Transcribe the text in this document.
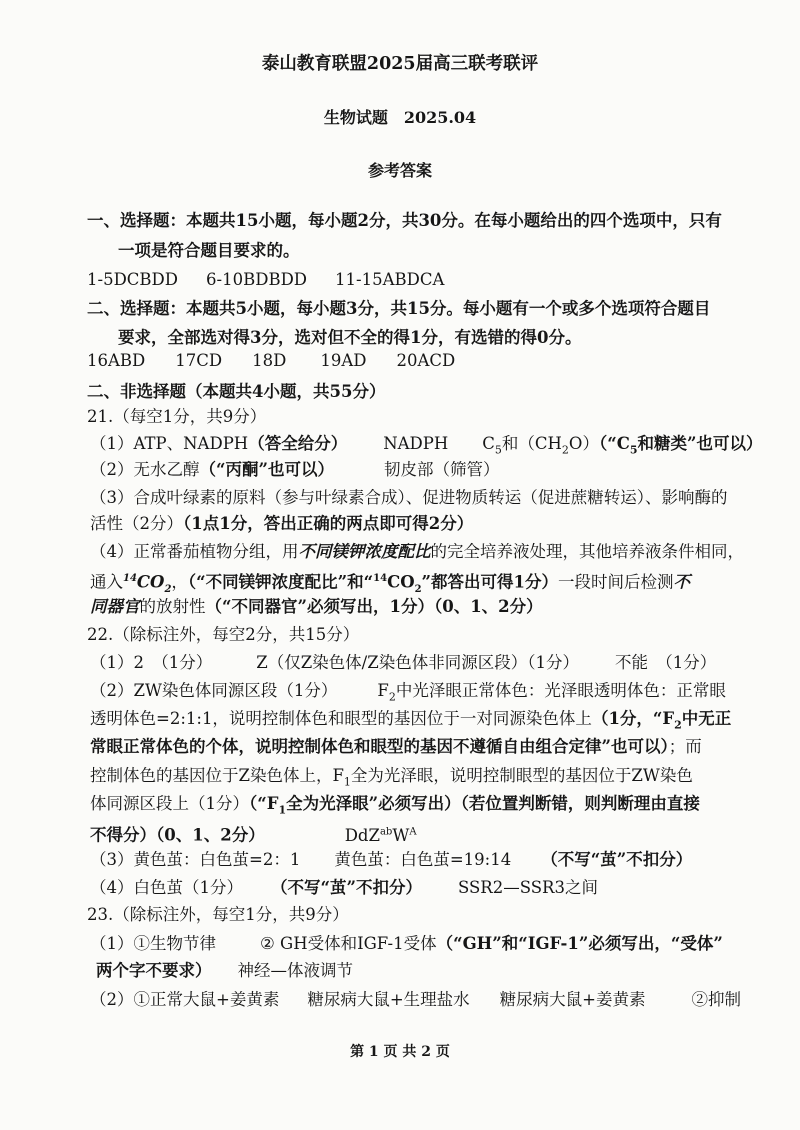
泰山教育联盟2025届高三联考联评
生物试题　2025.04
参考答案
一、选择题：本题共15小题，每小题2分，共30分。在每小题给出的四个选项中，只有
一项是符合题目要求的。
1-5DCBDD 6-10BDBDD 11-15ABDCA
二、选择题：本题共5小题，每小题3分，共15分。每小题有一个或多个选项符合题目
要求，全部选对得3分，选对但不全的得1分，有选错的得0分。
16ABD 17CD 18D 19AD 20ACD
二、非选择题（本题共4小题，共55分）
21.（每空1分，共9分）
（1）ATP、NADPH（答全给分） NADPH $C_5$和$(CH_2O)(“C_5$和糖类”也可以）
（2）无水乙醇（“丙酮”也可以）	韧皮部（筛管）
（3）合成叶绿素的原料（参与叶绿素合成）、促进物质转运（促进蔗糖转运）、影响酶的
活性（2分）（1点1分，答出正确的两点即可得2分）
（4）正常番茄植物分组，用不同镁钾浓度配比的完全培养液处理，其他培养液条件相同，
通入$^{14}CO_2$，（“不同镁钾浓度配比”和“$^{14}CO_2$”都答出可得1分）一段时间后检测不
同器官的放射性（“不同器官”必须写出，1分）（0、1、2分）
22.（除标注外，每空2分，共15分）
（1）2　（1分）	Z（仅Z染色体/Z染色体非同源区段）（1分） 不能　（1分）
（2）ZW染色体同源区段（1分） $F_2$中光泽眼正常体色：光泽眼透明体色：正常眼
透明体色=2:1:1，说明控制体色和眼型的基因位于一对同源染色体上（1分，“$F_2$中无正
常眼正常体色的个体，说明控制体色和眼型的基因不遵循自由组合定律”也可以）；而
控制体色的基因位于Z染色体上，$F_1$全为光泽眼，说明控制眼型的基因位于ZW染色
体同源区段上（1分）（“$F_1$全为光泽眼”必须写出）（若位置判断错，则判断理由直接
不得分）（0、1、2分）	$DdZ^{ab}W^A$
（3）黄色茧：白色茧=2：1 黄色茧：白色茧=19:14 （不写“茧”不扣分）
（4）白色茧（1分） （不写“茧”不扣分） SSR2—SSR3之间
23.（除标注外，每空1分，共9分）
（1）①生物节律	② GH受体和IGF-1受体（“GH”和“IGF-1”必须写出，“受体”
两个字不要求） 神经—体液调节
（2）①正常大鼠+姜黄素 糖尿病大鼠+生理盐水 糖尿病大鼠+姜黄素	②抑制
第 1 页 共 2 页
